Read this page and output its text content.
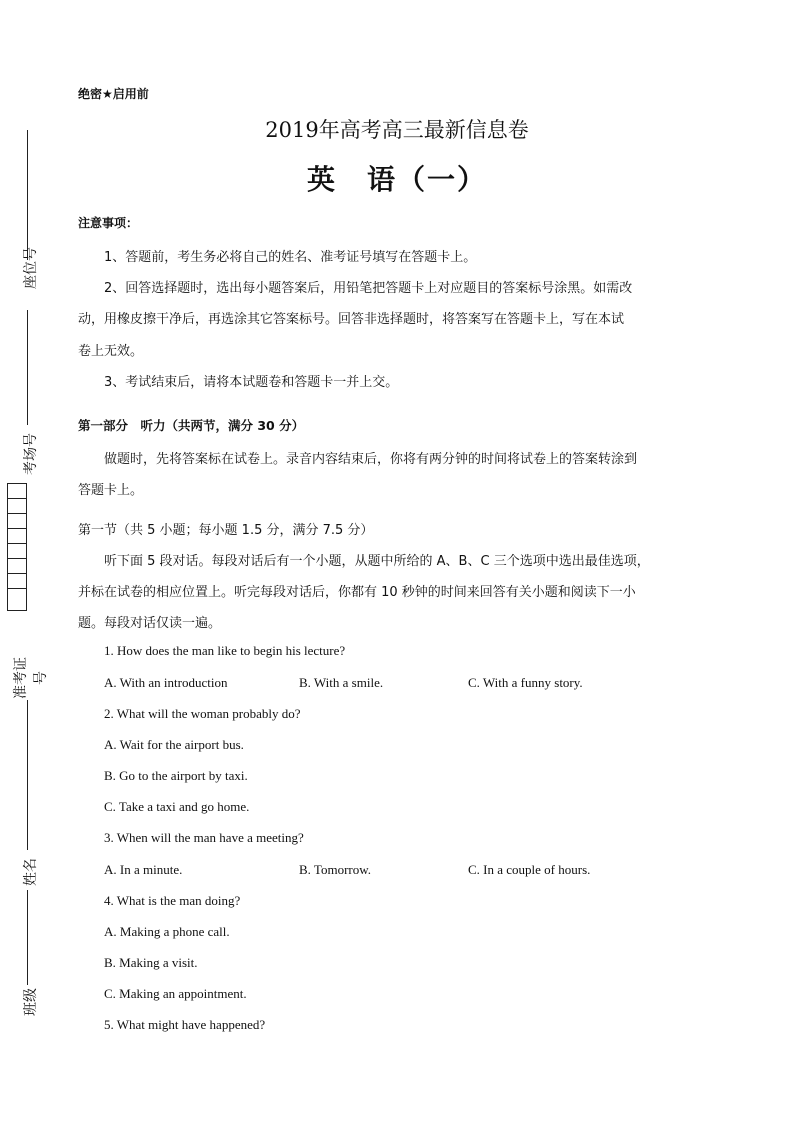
座位号
考场号
准考证号
姓名
班级
绝密★启用前
2019年高考高三最新信息卷
英　语（一）
注意事项：
1、答题前，考生务必将自己的姓名、准考证号填写在答题卡上。
2、回答选择题时，选出每小题答案后，用铅笔把答题卡上对应题目的答案标号涂黑。如需改
动，用橡皮擦干净后，再选涂其它答案标号。回答非选择题时，将答案写在答题卡上，写在本试
卷上无效。
3、考试结束后，请将本试题卷和答题卡一并上交。
第一部分　听力（共两节，满分 30 分）
做题时，先将答案标在试卷上。录音内容结束后，你将有两分钟的时间将试卷上的答案转涂到
答题卡上。
第一节（共 5 小题；每小题 1.5 分，满分 7.5 分）
听下面 5 段对话。每段对话后有一个小题，从题中所给的 A、B、C 三个选项中选出最佳选项，
并标在试卷的相应位置上。听完每段对话后，你都有 10 秒钟的时间来回答有关小题和阅读下一小
题。每段对话仅读一遍。
1. How does the man like to begin his lecture?
A. With an introduction	B. With a smile.	C. With a funny story.
2. What will the woman probably do?
A. Wait for the airport bus.
B. Go to the airport by taxi.
C. Take a taxi and go home.
3. When will the man have a meeting?
A. In a minute.	B. Tomorrow.	C. In a couple of hours.
4. What is the man doing?
A. Making a phone call.
B. Making a visit.
C. Making an appointment.
5. What might have happened?
